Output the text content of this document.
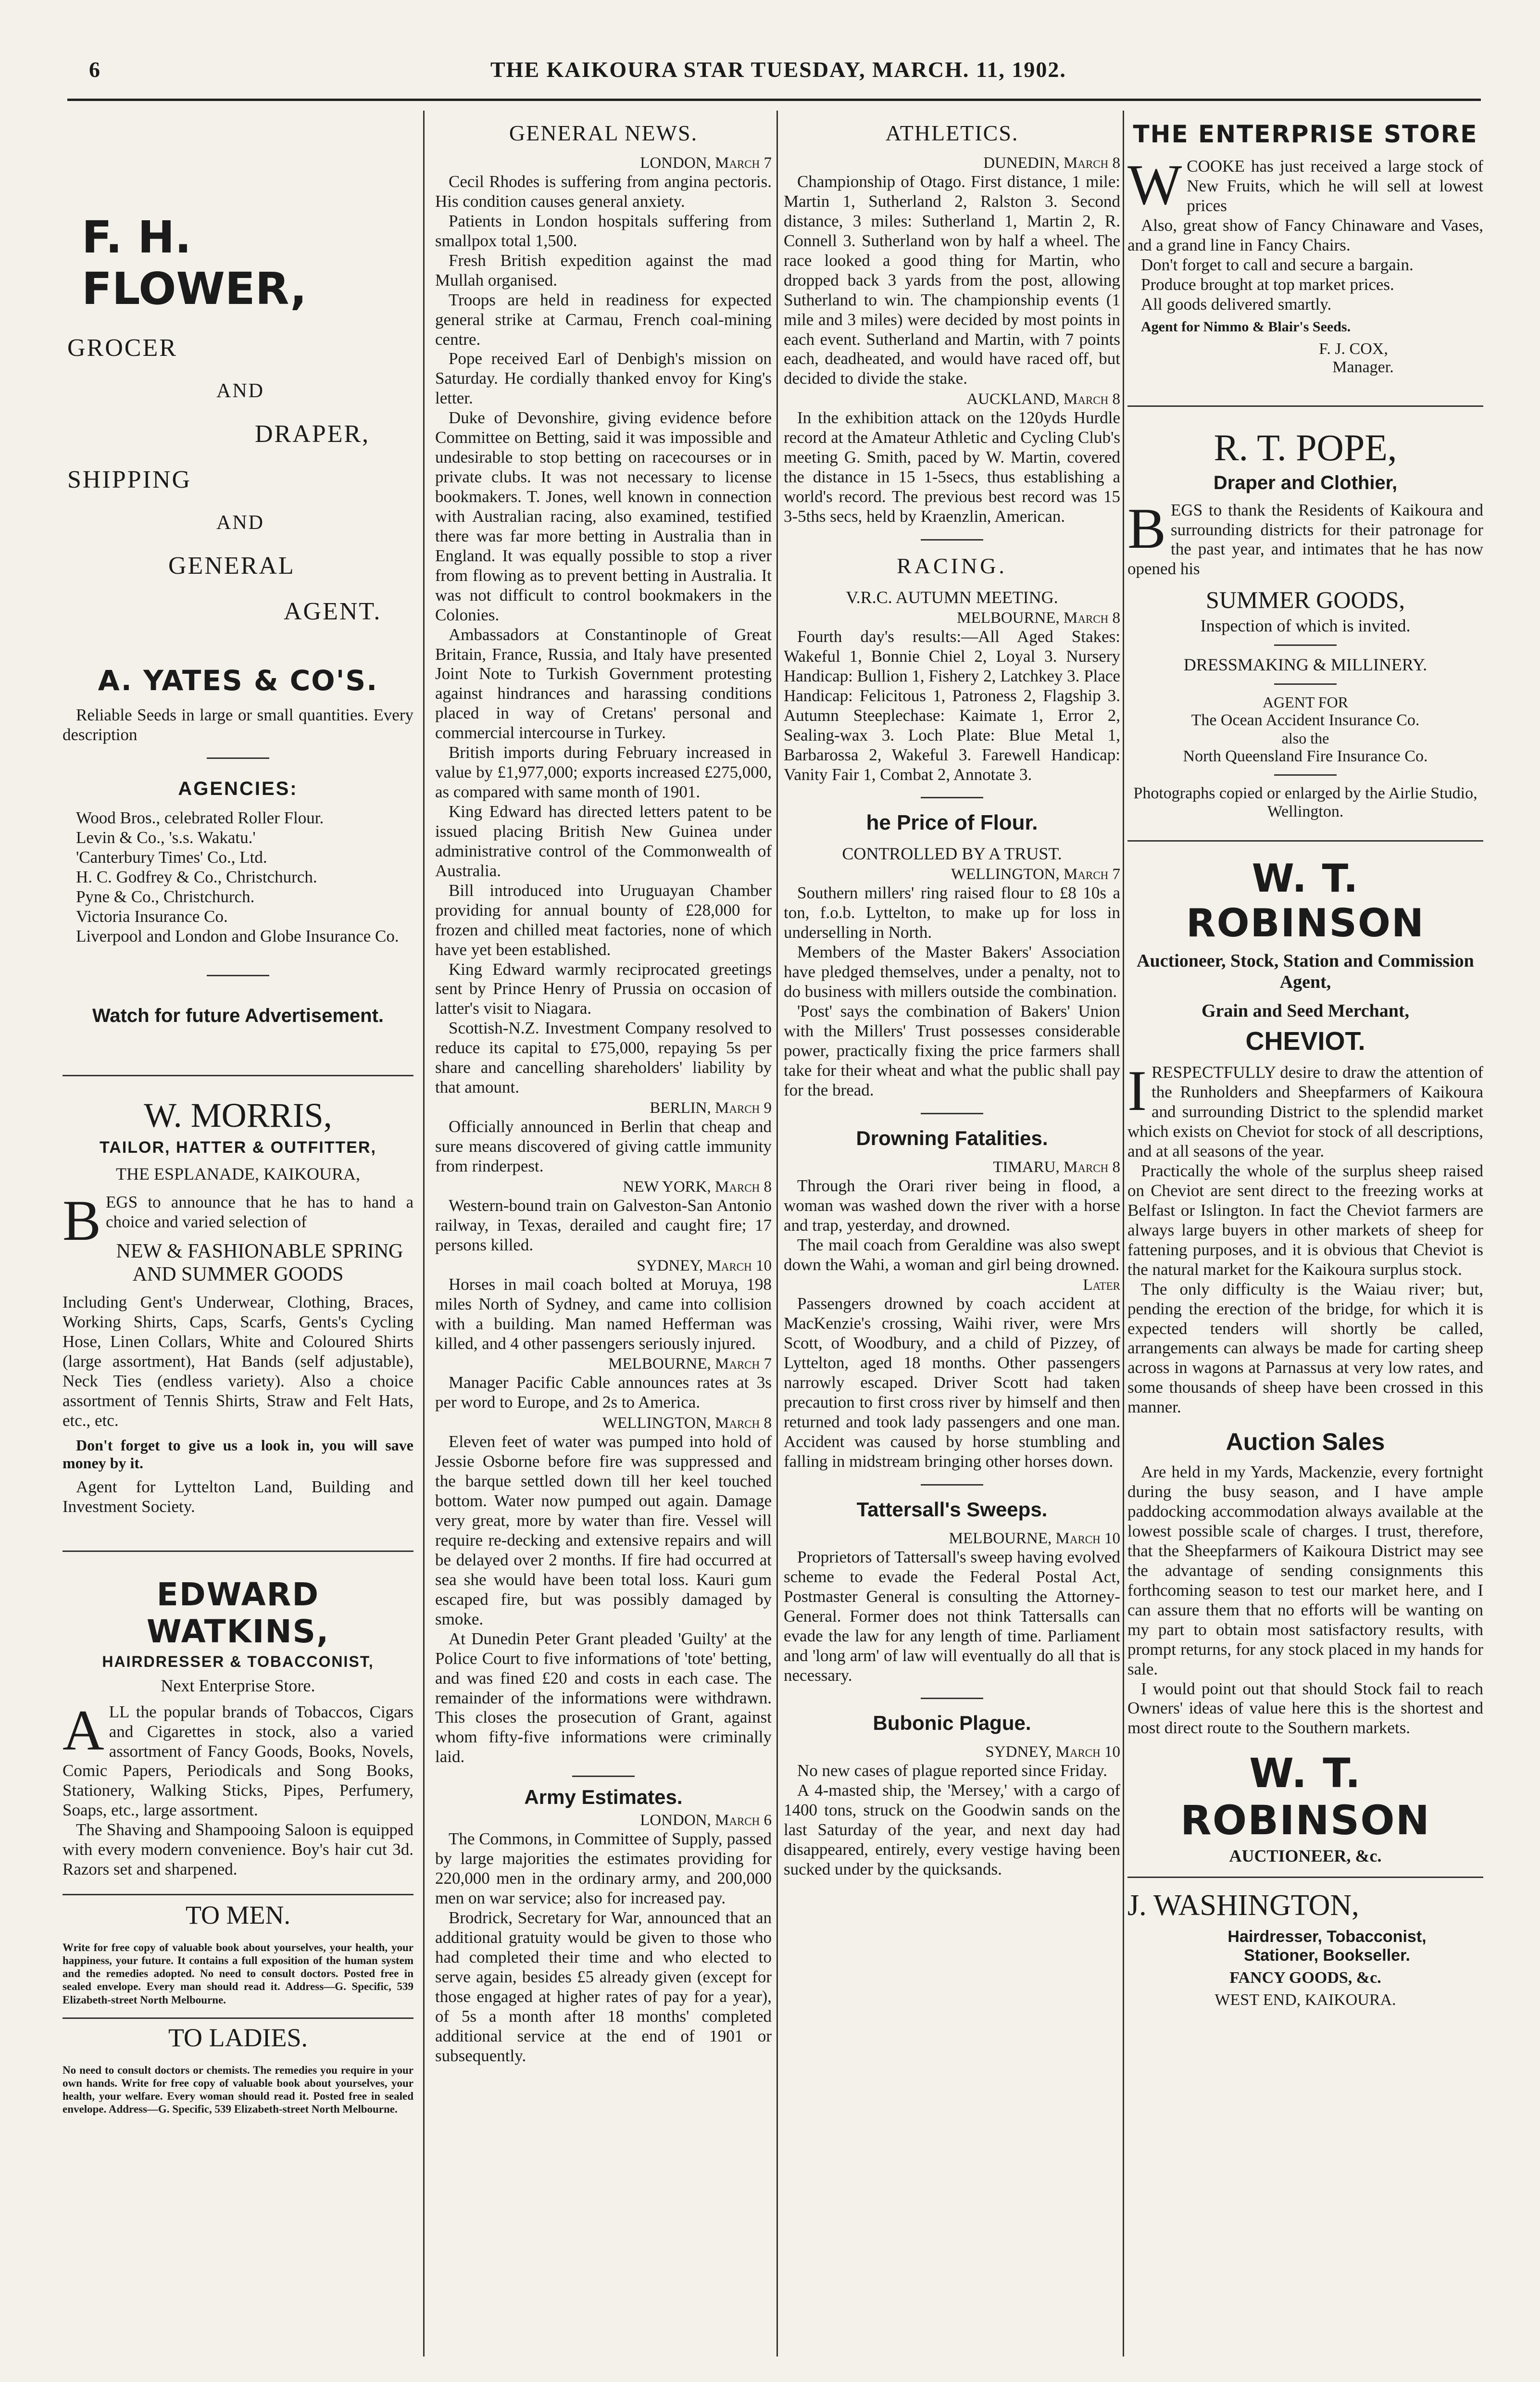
6	THE KAIKOURA STAR TUESDAY, MARCH. 11, 1902.
F. H. FLOWER,
GROCER
AND
DRAPER,
SHIPPING
AND
GENERAL
AGENT.
A. YATES & CO'S.

Reliable Seeds in large or small quantities. Every description

AGENCIES:

Wood Bros., celebrated Roller Flour.

Levin & Co., 's.s. Wakatu.'

'Canterbury Times' Co., Ltd.

H. C. Godfrey & Co., Christchurch.

Pyne & Co., Christchurch.

Victoria Insurance Co.

Liverpool and London and Globe Insurance Co.

Watch for future Advertisement.
W. MORRIS,
TAILOR, HATTER & OUTFITTER,
THE ESPLANADE, KAIKOURA,

BEGS to announce that he has to hand a choice and varied selection of

NEW & FASHIONABLE SPRING
AND SUMMER GOODS

Including Gent's Underwear, Clothing, Braces, Working Shirts, Caps, Scarfs, Gents's Cycling Hose, Linen Collars, White and Coloured Shirts (large assortment), Hat Bands (self adjustable), Neck Ties (endless variety). Also a choice assortment of Tennis Shirts, Straw and Felt Hats, etc., etc.

Don't forget to give us a look in, you will save money by it.

Agent for Lyttelton Land, Building and Investment Society.

EDWARD WATKINS,
HAIRDRESSER & TOBACCONIST,
Next Enterprise Store.

ALL the popular brands of Tobaccos, Cigars and Cigarettes in stock, also a varied assortment of Fancy Goods, Books, Novels, Comic Papers, Periodicals and Song Books, Stationery, Walking Sticks, Pipes, Perfumery, Soaps, etc., large assortment.

The Shaving and Shampooing Saloon is equipped with every modern convenience. Boy's hair cut 3d. Razors set and sharpened.

TO MEN.

Write for free copy of valuable book about yourselves, your health, your happiness, your future. It contains a full exposition of the human system and the remedies adopted. No need to consult doctors. Posted free in sealed envelope. Every man should read it. Address—G. Specific, 539 Elizabeth-street North Melbourne.

TO LADIES.

No need to consult doctors or chemists. The remedies you require in your own hands. Write for free copy of valuable book about yourselves, your health, your welfare. Every woman should read it. Posted free in sealed envelope. Address—G. Specific, 539 Elizabeth-street North Melbourne.

GENERAL NEWS.
LONDON, March 7

Cecil Rhodes is suffering from angina pectoris. His condition causes general anxiety.

Patients in London hospitals suffering from smallpox total 1,500.

Fresh British expedition against the mad Mullah organised.

Troops are held in readiness for expected general strike at Carmau, French coal-mining centre.

Pope received Earl of Denbigh's mission on Saturday. He cordially thanked envoy for King's letter.

Duke of Devonshire, giving evidence before Committee on Betting, said it was impossible and undesirable to stop betting on racecourses or in private clubs. It was not necessary to license bookmakers. T. Jones, well known in connection with Australian racing, also examined, testified there was far more betting in Australia than in England. It was equally possible to stop a river from flowing as to prevent betting in Australia. It was not difficult to control bookmakers in the Colonies.

Ambassadors at Constantinople of Great Britain, France, Russia, and Italy have presented Joint Note to Turkish Government protesting against hindrances and harassing conditions placed in way of Cretans' personal and commercial intercourse in Turkey.

British imports during February increased in value by £1,977,000; exports increased £275,000, as compared with same month of 1901.

King Edward has directed letters patent to be issued placing British New Guinea under administrative control of the Commonwealth of Australia.

Bill introduced into Uruguayan Chamber providing for annual bounty of £28,000 for frozen and chilled meat factories, none of which have yet been established.

King Edward warmly reciprocated greetings sent by Prince Henry of Prussia on occasion of latter's visit to Niagara.

Scottish-N.Z. Investment Company resolved to reduce its capital to £75,000, repaying 5s per share and cancelling shareholders' liability by that amount.

BERLIN, March 9

Officially announced in Berlin that cheap and sure means discovered of giving cattle immunity from rinderpest.

NEW YORK, March 8

Western-bound train on Galveston-San Antonio railway, in Texas, derailed and caught fire; 17 persons killed.

SYDNEY, March 10

Horses in mail coach bolted at Moruya, 198 miles North of Sydney, and came into collision with a building. Man named Hefferman was killed, and 4 other passengers seriously injured.

MELBOURNE, March 7

Manager Pacific Cable announces rates at 3s per word to Europe, and 2s to America.

WELLINGTON, March 8

Eleven feet of water was pumped into hold of Jessie Osborne before fire was suppressed and the barque settled down till her keel touched bottom. Water now pumped out again. Damage very great, more by water than fire. Vessel will require re-decking and extensive repairs and will be delayed over 2 months. If fire had occurred at sea she would have been total loss. Kauri gum escaped fire, but was possibly damaged by smoke.

At Dunedin Peter Grant pleaded 'Guilty' at the Police Court to five informations of 'tote' betting, and was fined £20 and costs in each case. The remainder of the informations were withdrawn. This closes the prosecution of Grant, against whom fifty-five informations were criminally laid.

Army Estimates.
LONDON, March 6

The Commons, in Committee of Supply, passed by large majorities the estimates providing for 220,000 men in the ordinary army, and 200,000 men on war service; also for increased pay.

Brodrick, Secretary for War, announced that an additional gratuity would be given to those who had completed their time and who elected to serve again, besides £5 already given (except for those engaged at higher rates of pay for a year), of 5s a month after 18 months' completed additional service at the end of 1901 or subsequently.

ATHLETICS.
DUNEDIN, March 8

Championship of Otago. First distance, 1 mile: Martin 1, Sutherland 2, Ralston 3. Second distance, 3 miles: Sutherland 1, Martin 2, R. Connell 3. Sutherland won by half a wheel. The race looked a good thing for Martin, who dropped back 3 yards from the post, allowing Sutherland to win. The championship events (1 mile and 3 miles) were decided by most points in each event. Sutherland and Martin, with 7 points each, deadheated, and would have raced off, but decided to divide the stake.

AUCKLAND, March 8

In the exhibition attack on the 120yds Hurdle record at the Amateur Athletic and Cycling Club's meeting G. Smith, paced by W. Martin, covered the distance in 15 1-5secs, thus establishing a world's record. The previous best record was 15 3-5ths secs, held by Kraenzlin, American.

RACING.
V.R.C. AUTUMN MEETING.
MELBOURNE, March 8

Fourth day's results:—All Aged Stakes: Wakeful 1, Bonnie Chiel 2, Loyal 3. Nursery Handicap: Bullion 1, Fishery 2, Latchkey 3. Place Handicap: Felicitous 1, Patroness 2, Flagship 3. Autumn Steeplechase: Kaimate 1, Error 2, Sealing-wax 3. Loch Plate: Blue Metal 1, Barbarossa 2, Wakeful 3. Farewell Handicap: Vanity Fair 1, Combat 2, Annotate 3.

he Price of Flour.
CONTROLLED BY A TRUST.
WELLINGTON, March 7

Southern millers' ring raised flour to £8 10s a ton, f.o.b. Lyttelton, to make up for loss in underselling in North.

Members of the Master Bakers' Association have pledged themselves, under a penalty, not to do business with millers outside the combination.

'Post' says the combination of Bakers' Union with the Millers' Trust possesses considerable power, practically fixing the price farmers shall take for their wheat and what the public shall pay for the bread.

Drowning Fatalities.
TIMARU, March 8

Through the Orari river being in flood, a woman was washed down the river with a horse and trap, yesterday, and drowned.

The mail coach from Geraldine was also swept down the Wahi, a woman and girl being drowned.

Later

Passengers drowned by coach accident at MacKenzie's crossing, Waihi river, were Mrs Scott, of Woodbury, and a child of Pizzey, of Lyttelton, aged 18 months. Other passengers narrowly escaped. Driver Scott had taken precaution to first cross river by himself and then returned and took lady passengers and one man. Accident was caused by horse stumbling and falling in midstream bringing other horses down.

Tattersall's Sweeps.
MELBOURNE, March 10

Proprietors of Tattersall's sweep having evolved scheme to evade the Federal Postal Act, Postmaster General is consulting the Attorney-General. Former does not think Tattersalls can evade the law for any length of time. Parliament and 'long arm' of law will eventually do all that is necessary.

Bubonic Plague.
SYDNEY, March 10

No new cases of plague reported since Friday.

A 4-masted ship, the 'Mersey,' with a cargo of 1400 tons, struck on the Goodwin sands on the last Saturday of the year, and next day had disappeared, entirely, every vestige having been sucked under by the quicksands.

THE ENTERPRISE STORE

WCOOKE has just received a large stock of New Fruits, which he will sell at lowest prices

Also, great show of Fancy Chinaware and Vases, and a grand line in Fancy Chairs.

Don't forget to call and secure a bargain.

Produce brought at top market prices.

All goods delivered smartly.

Agent for Nimmo & Blair's Seeds.

F. J. COX,
Manager.
R. T. POPE,
Draper and Clothier,

BEGS to thank the Residents of Kaikoura and surrounding districts for their patronage for the past year, and intimates that he has now opened his

SUMMER GOODS,
Inspection of which is invited.
DRESSMAKING & MILLINERY.
AGENT FOR
The Ocean Accident Insurance Co.
also the
North Queensland Fire Insurance Co.
Photographs copied or enlarged by the Airlie Studio, Wellington.
W. T. ROBINSON
Auctioneer, Stock, Station and Commission Agent,
Grain and Seed Merchant,
CHEVIOT.

IRESPECTFULLY desire to draw the attention of the Runholders and Sheepfarmers of Kaikoura and surrounding District to the splendid market which exists on Cheviot for stock of all descriptions, and at all seasons of the year.

Practically the whole of the surplus sheep raised on Cheviot are sent direct to the freezing works at Belfast or Islington. In fact the Cheviot farmers are always large buyers in other markets of sheep for fattening purposes, and it is obvious that Cheviot is the natural market for the Kaikoura surplus stock.

The only difficulty is the Waiau river; but, pending the erection of the bridge, for which it is expected tenders will shortly be called, arrangements can always be made for carting sheep across in wagons at Parnassus at very low rates, and some thousands of sheep have been crossed in this manner.

Auction Sales

Are held in my Yards, Mackenzie, every fortnight during the busy season, and I have ample paddocking accommodation always available at the lowest possible scale of charges. I trust, therefore, that the Sheepfarmers of Kaikoura District may see the advantage of sending consignments this forthcoming season to test our market here, and I can assure them that no efforts will be wanting on my part to obtain most satisfactory results, with prompt returns, for any stock placed in my hands for sale.

I would point out that should Stock fail to reach Owners' ideas of value here this is the shortest and most direct route to the Southern markets.

W. T. ROBINSON
AUCTIONEER, &c.
J. WASHINGTON,
Hairdresser, Tobacconist,
Stationer, Bookseller.
FANCY GOODS, &c.
WEST END, KAIKOURA.
